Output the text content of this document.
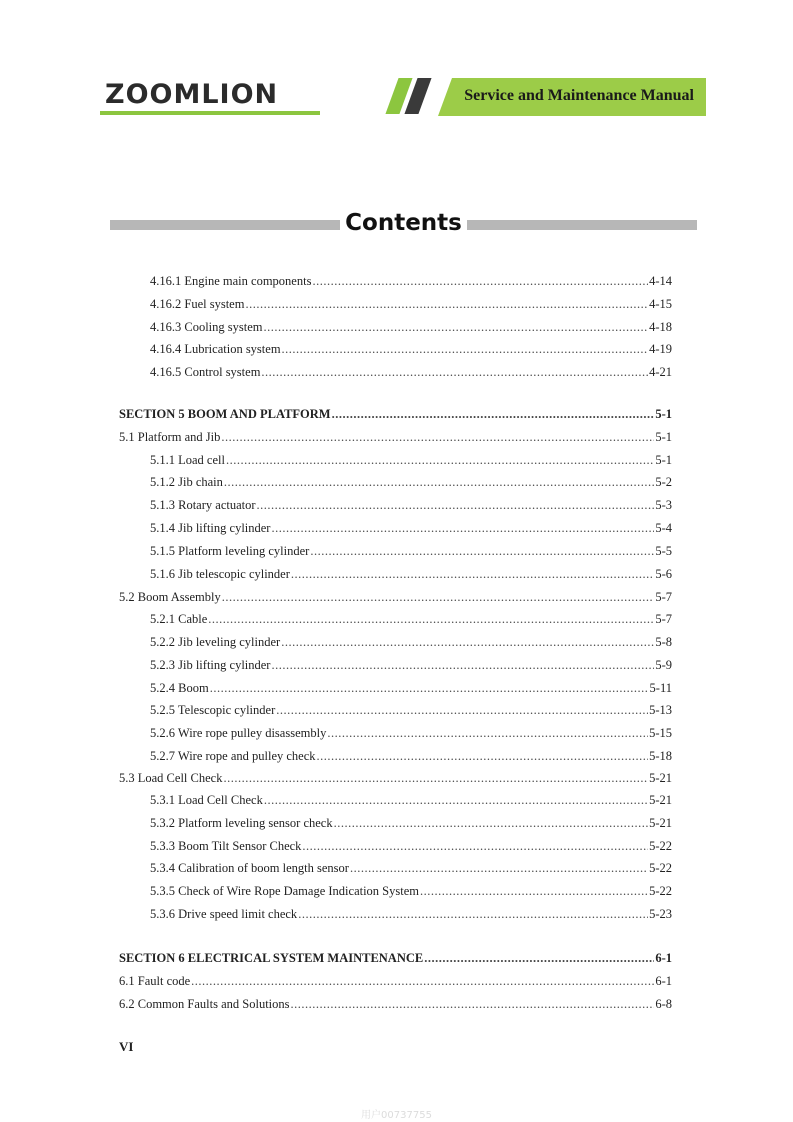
ZOOMLION	Service and Maintenance Manual
Contents
4.16.1 Engine main components .....	4-14
4.16.2 Fuel system .....	4-15
4.16.3 Cooling system .....	4-18
4.16.4 Lubrication system .....	4-19
4.16.5 Control system .....	4-21
SECTION 5 BOOM AND PLATFORM .....	5-1
5.1 Platform and Jib .....	5-1
5.1.1 Load cell .....	5-1
5.1.2 Jib chain .....	5-2
5.1.3 Rotary actuator .....	5-3
5.1.4 Jib lifting cylinder .....	5-4
5.1.5 Platform leveling cylinder .....	5-5
5.1.6 Jib telescopic cylinder .....	5-6
5.2 Boom Assembly .....	5-7
5.2.1 Cable .....	5-7
5.2.2 Jib leveling cylinder .....	5-8
5.2.3 Jib lifting cylinder .....	5-9
5.2.4 Boom .....	5-11
5.2.5 Telescopic cylinder .....	5-13
5.2.6 Wire rope pulley disassembly .....	5-15
5.2.7 Wire rope and pulley check .....	5-18
5.3 Load Cell Check .....	5-21
5.3.1 Load Cell Check .....	5-21
5.3.2 Platform leveling sensor check .....	5-21
5.3.3 Boom Tilt Sensor Check .....	5-22
5.3.4 Calibration of boom length sensor .....	5-22
5.3.5 Check of Wire Rope Damage Indication System .....	5-22
5.3.6 Drive speed limit check .....	5-23
SECTION 6 ELECTRICAL SYSTEM MAINTENANCE .....	6-1
6.1 Fault code .....	6-1
6.2 Common Faults and Solutions .....	6-8
VI
用户00737755
